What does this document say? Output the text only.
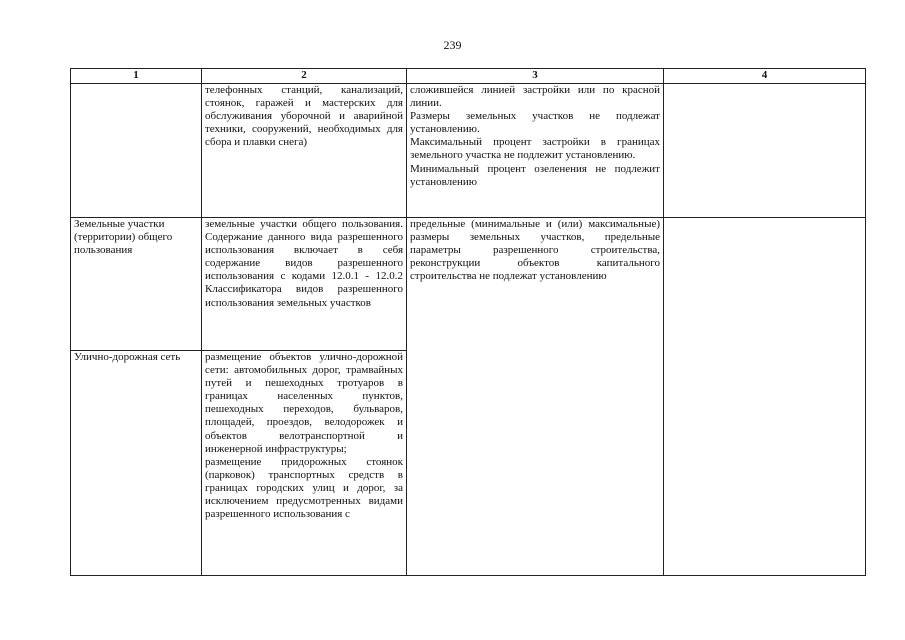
239
1	2	3	4
	телефонных станций, канализаций, стоянок, гаражей и мастерских для обслуживания уборочной и аварийной техники, сооружений, необходимых для сбора и плавки снега)	сложившейся линией застройки или по красной линии.

Размеры земельных участков не подлежат установлению.

Максимальный процент застройки в границах земельного участка не подлежит установлению.

Минимальный процент озеленения не подлежит установлению	

Земельные участки (территории) общего пользования	земельные участки общего пользования. Содержание данного вида разрешенного использования включает в себя содержание видов разрешенного использования с кодами 12.0.1 - 12.0.2 Классификатора видов разрешенного использования земельных участков	предельные (минимальные и (или) максимальные) размеры земельных участков, предельные параметры разрешенного строительства, реконструкции объектов капитального строительства не подлежат установлению	

Улично-дорожная сеть	размещение объектов улично-дорожной сети: автомобильных дорог, трамвайных путей и пешеходных тротуаров в границах населенных пунктов, пешеходных переходов, бульваров, площадей, проездов, велодорожек и объектов велотранспортной и инженерной инфраструктуры;

размещение придорожных стоянок (парковок) транспортных средств в границах городских улиц и дорог, за исключением предусмотренных видами разрешенного использования с		
